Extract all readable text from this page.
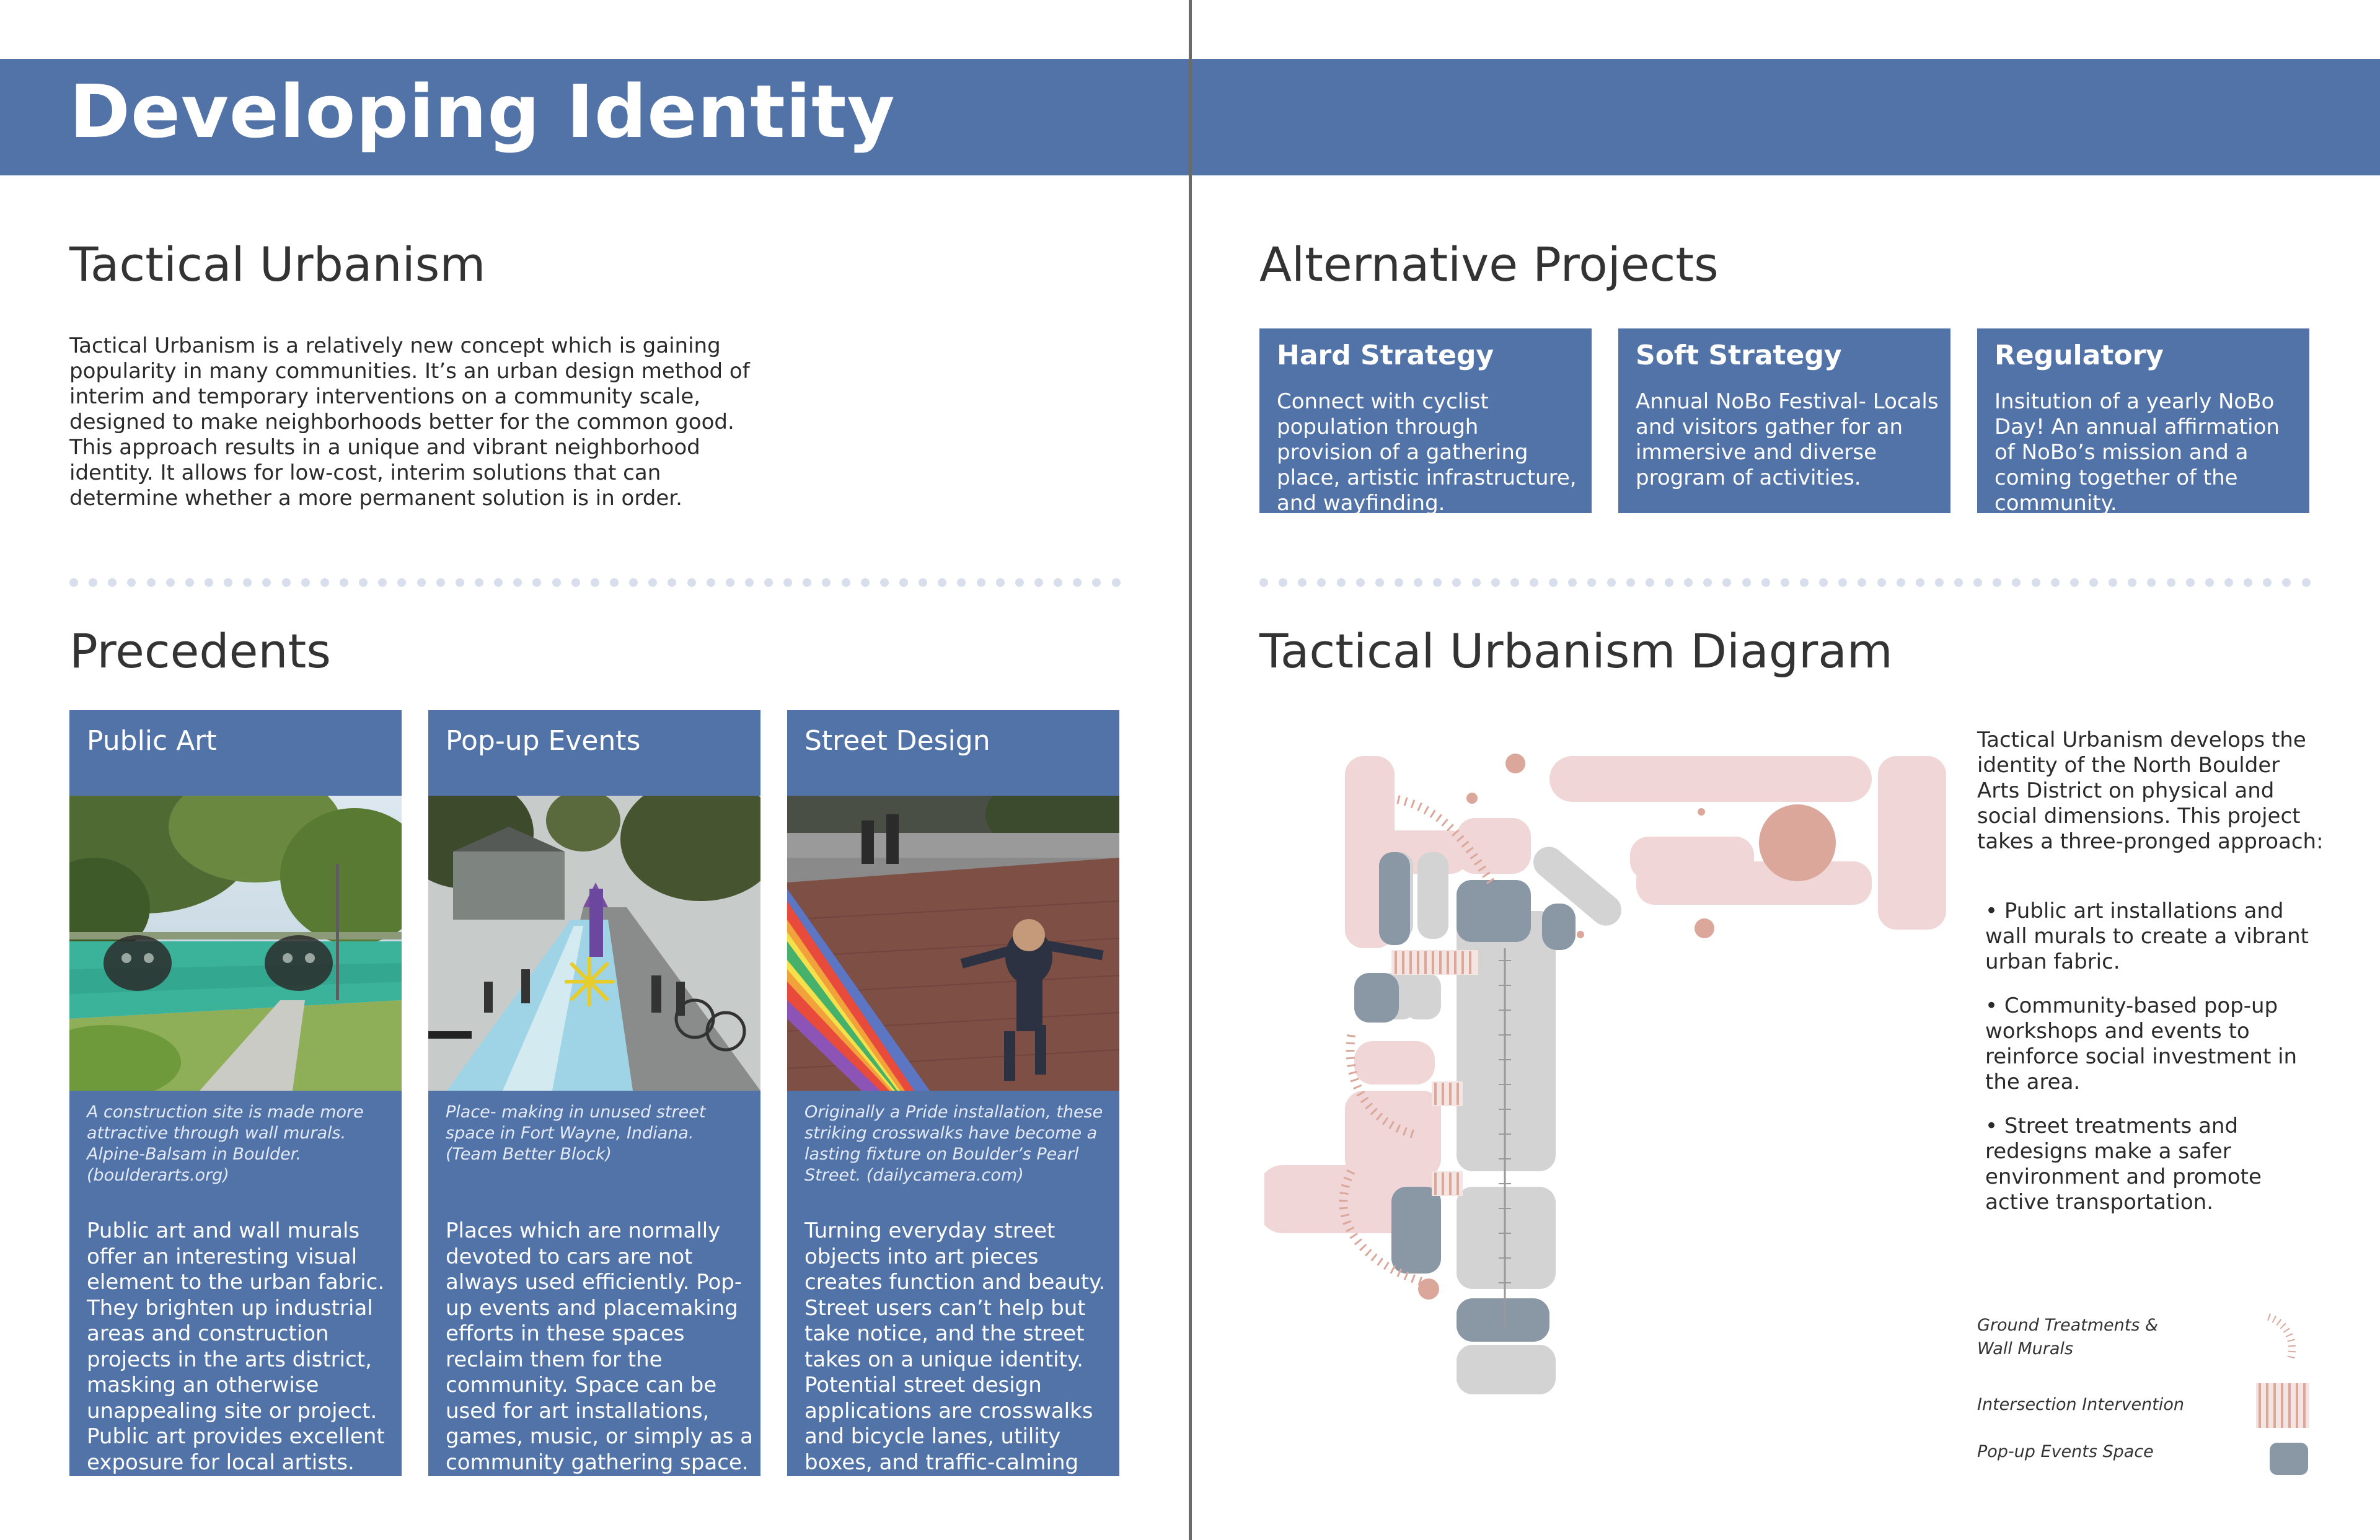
Developing Identity
Tactical Urbanism
Tactical Urbanism is a relatively new concept which is gaining popularity in many communities. It’s an urban design method of interim and temporary interventions on a community scale, designed to make neighborhoods better for the common good. This approach results in a unique and vibrant neighborhood identity. It allows for low-cost, interim solutions that can determine whether a more permanent solution is in order.
Precedents
Public Art
A construction site is made more attractive through wall murals. Alpine-Balsam in Boulder. (boulderarts.org)
Public art and wall murals offer an interesting visual element to the urban fabric. They brighten up industrial areas and construction projects in the arts district, masking an otherwise unappealing site or project. Public art provides excellent exposure for local artists.
Pop-up Events
Place- making in unused street space in Fort Wayne, Indiana. (Team Better Block)
Places which are normally devoted to cars are not always used efficiently. Pop-up events and placemaking efforts in these spaces reclaim them for the community. Space can be used for art installations, games, music, or simply as a community gathering space.
Street Design
Originally a Pride installation, these striking crosswalks have become a lasting fixture on Boulder’s Pearl Street. (dailycamera.com)
Turning everyday street objects into art pieces creates function and beauty. Street users can’t help but take notice, and the street takes on a unique identity. Potential street design applications are crosswalks and bicycle lanes, utility boxes, and traffic-calming efforts.
Alternative Projects
Hard Strategy
Connect with cyclist population through provision of a gathering place, artistic infrastructure, and wayfinding.
Soft Strategy
Annual NoBo Festival- Locals and visitors gather for an immersive and diverse program of activities.
Regulatory
Insitution of a yearly NoBo Day! An annual affirmation of NoBo’s mission and a coming together of the community.
Tactical Urbanism Diagram
Tactical Urbanism develops the identity of the North Boulder Arts District on physical and social dimensions. This project takes a three-pronged approach:
• Public art installations and wall murals to create a vibrant urban fabric.
• Community-based pop-up workshops and events to reinforce social investment in the area.
• Street treatments and redesigns make a safer environment and promote active transportation.
Ground Treatments & Wall Murals
Intersection Intervention
Pop-up Events Space
